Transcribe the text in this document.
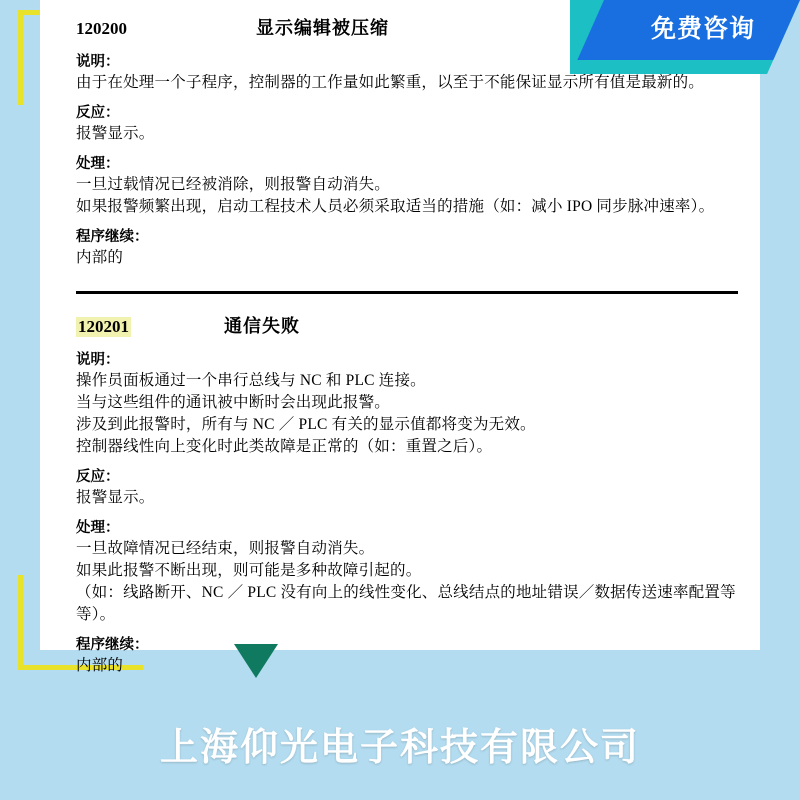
120200	显示编辑被压缩
说明：

由于在处理一个子程序，控制器的工作量如此繁重，以至于不能保证显示所有值是最新的。

反应：

报警显示。

处理：

一旦过载情况已经被消除，则报警自动消失。

如果报警频繁出现，启动工程技术人员必须采取适当的措施（如：减小 IPO 同步脉冲速率）。

程序继续：

内部的

120201	通信失败
说明：

操作员面板通过一个串行总线与 NC 和 PLC 连接。

当与这些组件的通讯被中断时会出现此报警。

涉及到此报警时，所有与 NC ／ PLC 有关的显示值都将变为无效。

控制器线性向上变化时此类故障是正常的（如：重置之后）。

反应：

报警显示。

处理：

一旦故障情况已经结束，则报警自动消失。

如果此报警不断出现，则可能是多种故障引起的。

（如：线路断开、NC ／ PLC 没有向上的线性变化、总线结点的地址错误／数据传送速率配置等等）。

程序继续：

内部的

免费咨询
上海仰光电子科技有限公司
